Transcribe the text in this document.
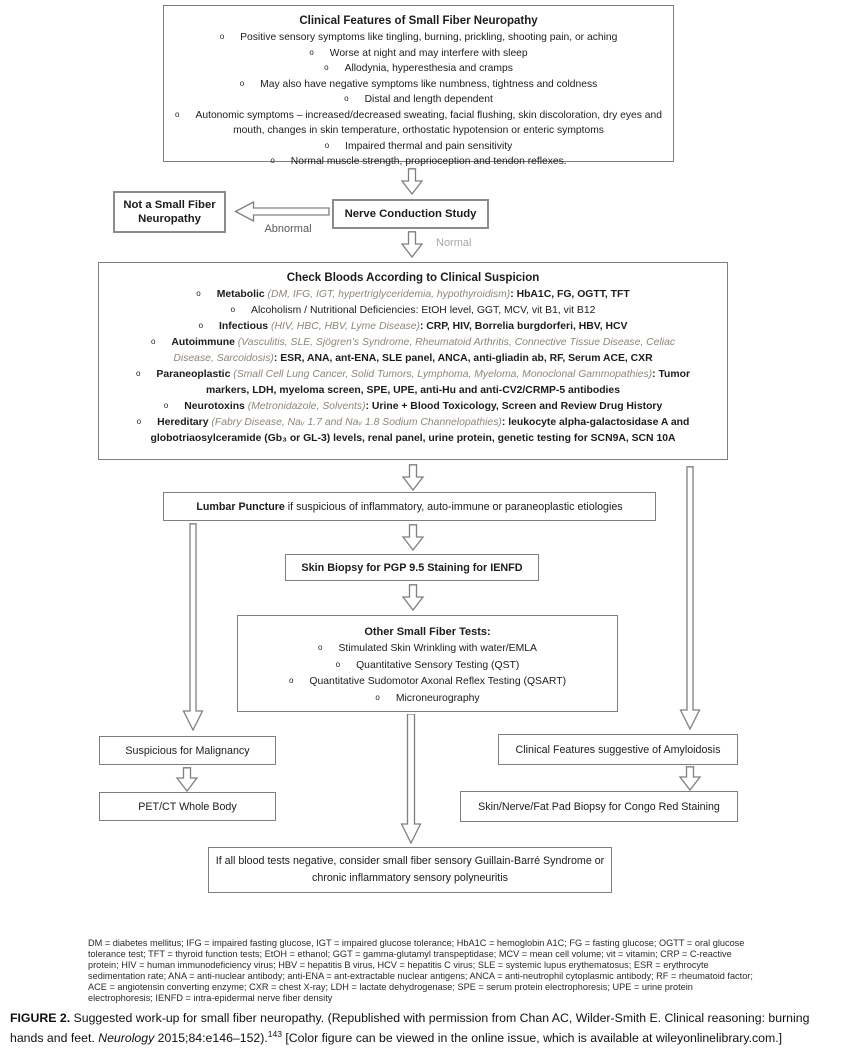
Clinical Features of Small Fiber Neuropathy
o Positive sensory symptoms like tingling, burning, prickling, shooting pain, or aching
o Worse at night and may interfere with sleep
o Allodynia, hyperesthesia and cramps
o May also have negative symptoms like numbness, tightness and coldness
o Distal and length dependent
o Autonomic symptoms – increased/decreased sweating, facial flushing, skin discoloration, dry eyes and mouth, changes in skin temperature, orthostatic hypotension or enteric symptoms
o Impaired thermal and pain sensitivity
o Normal muscle strength, proprioception and tendon reflexes.
Not a Small Fiber
Neuropathy
Abnormal
Nerve Conduction Study
Normal
Check Bloods According to Clinical Suspicion
o Metabolic (DM, IFG, IGT, hypertriglyceridemia, hypothyroidism): HbA1C, FG, OGTT, TFT
o Alcoholism / Nutritional Deficiencies: EtOH level, GGT, MCV, vit B1, vit B12
o Infectious (HIV, HBC, HBV, Lyme Disease): CRP, HIV, Borrelia burgdorferi, HBV, HCV
o Autoimmune (Vasculitis, SLE, Sjögren’s Syndrome, Rheumatoid Arthritis, Connective Tissue Disease, Celiac Disease, Sarcoidosis): ESR, ANA, ant-ENA, SLE panel, ANCA, anti-gliadin ab, RF, Serum ACE, CXR
o Paraneoplastic (Small Cell Lung Cancer, Solid Tumors, Lymphoma, Myeloma, Monoclonal Gammopathies): Tumor markers, LDH, myeloma screen, SPE, UPE, anti-Hu and anti-CV2/CRMP-5 antibodies
o Neurotoxins (Metronidazole, Solvents): Urine + Blood Toxicology, Screen and Review Drug History
o Hereditary (Fabry Disease, Naᵥ 1.7 and Naᵥ 1.8 Sodium Channelopathies): leukocyte alpha-galactosidase A and globotriaosylceramide (Gb₃ or GL-3) levels, renal panel, urine protein, genetic testing for SCN9A, SCN 10A
Lumbar Puncture if suspicious of inflammatory, auto-immune or paraneoplastic etiologies
Skin Biopsy for PGP 9.5 Staining for IENFD
Other Small Fiber Tests:
o Stimulated Skin Wrinkling with water/EMLA
o Quantitative Sensory Testing (QST)
o Quantitative Sudomotor Axonal Reflex Testing (QSART)
o Microneurography
Suspicious for Malignancy
PET/CT Whole Body
Clinical Features suggestive of Amyloidosis
Skin/Nerve/Fat Pad Biopsy for Congo Red Staining
If all blood tests negative, consider small fiber sensory Guillain-Barré Syndrome or chronic inflammatory sensory polyneuritis
DM = diabetes mellitus; IFG = impaired fasting glucose, IGT = impaired glucose tolerance; HbA1C = hemoglobin A1C; FG = fasting glucose; OGTT = oral glucose tolerance test; TFT = thyroid function tests; EtOH = ethanol; GGT = gamma-glutamyl transpeptidase; MCV = mean cell volume; vit = vitamin; CRP = C-reactive protein; HIV = human immunodeficiency virus; HBV = hepatitis B virus, HCV = hepatitis C virus; SLE = systemic lupus erythematosus; ESR = erythrocyte sedimentation rate; ANA = anti-nuclear antibody; anti-ENA = ant-extractable nuclear antigens; ANCA = anti-neutrophil cytoplasmic antibody; RF = rheumatoid factor; ACE = angiotensin converting enzyme; CXR = chest X-ray; LDH = lactate dehydrogenase; SPE = serum protein electrophoresis; UPE = urine protein electrophoresis; IENFD = intra-epidermal nerve fiber density
FIGURE 2. Suggested work-up for small fiber neuropathy. (Republished with permission from Chan AC, Wilder-Smith E. Clinical reasoning: burning hands and feet. Neurology 2015;84:e146–152).$^{143}$ [Color figure can be viewed in the online issue, which is available at wileyonlinelibrary.com.]
